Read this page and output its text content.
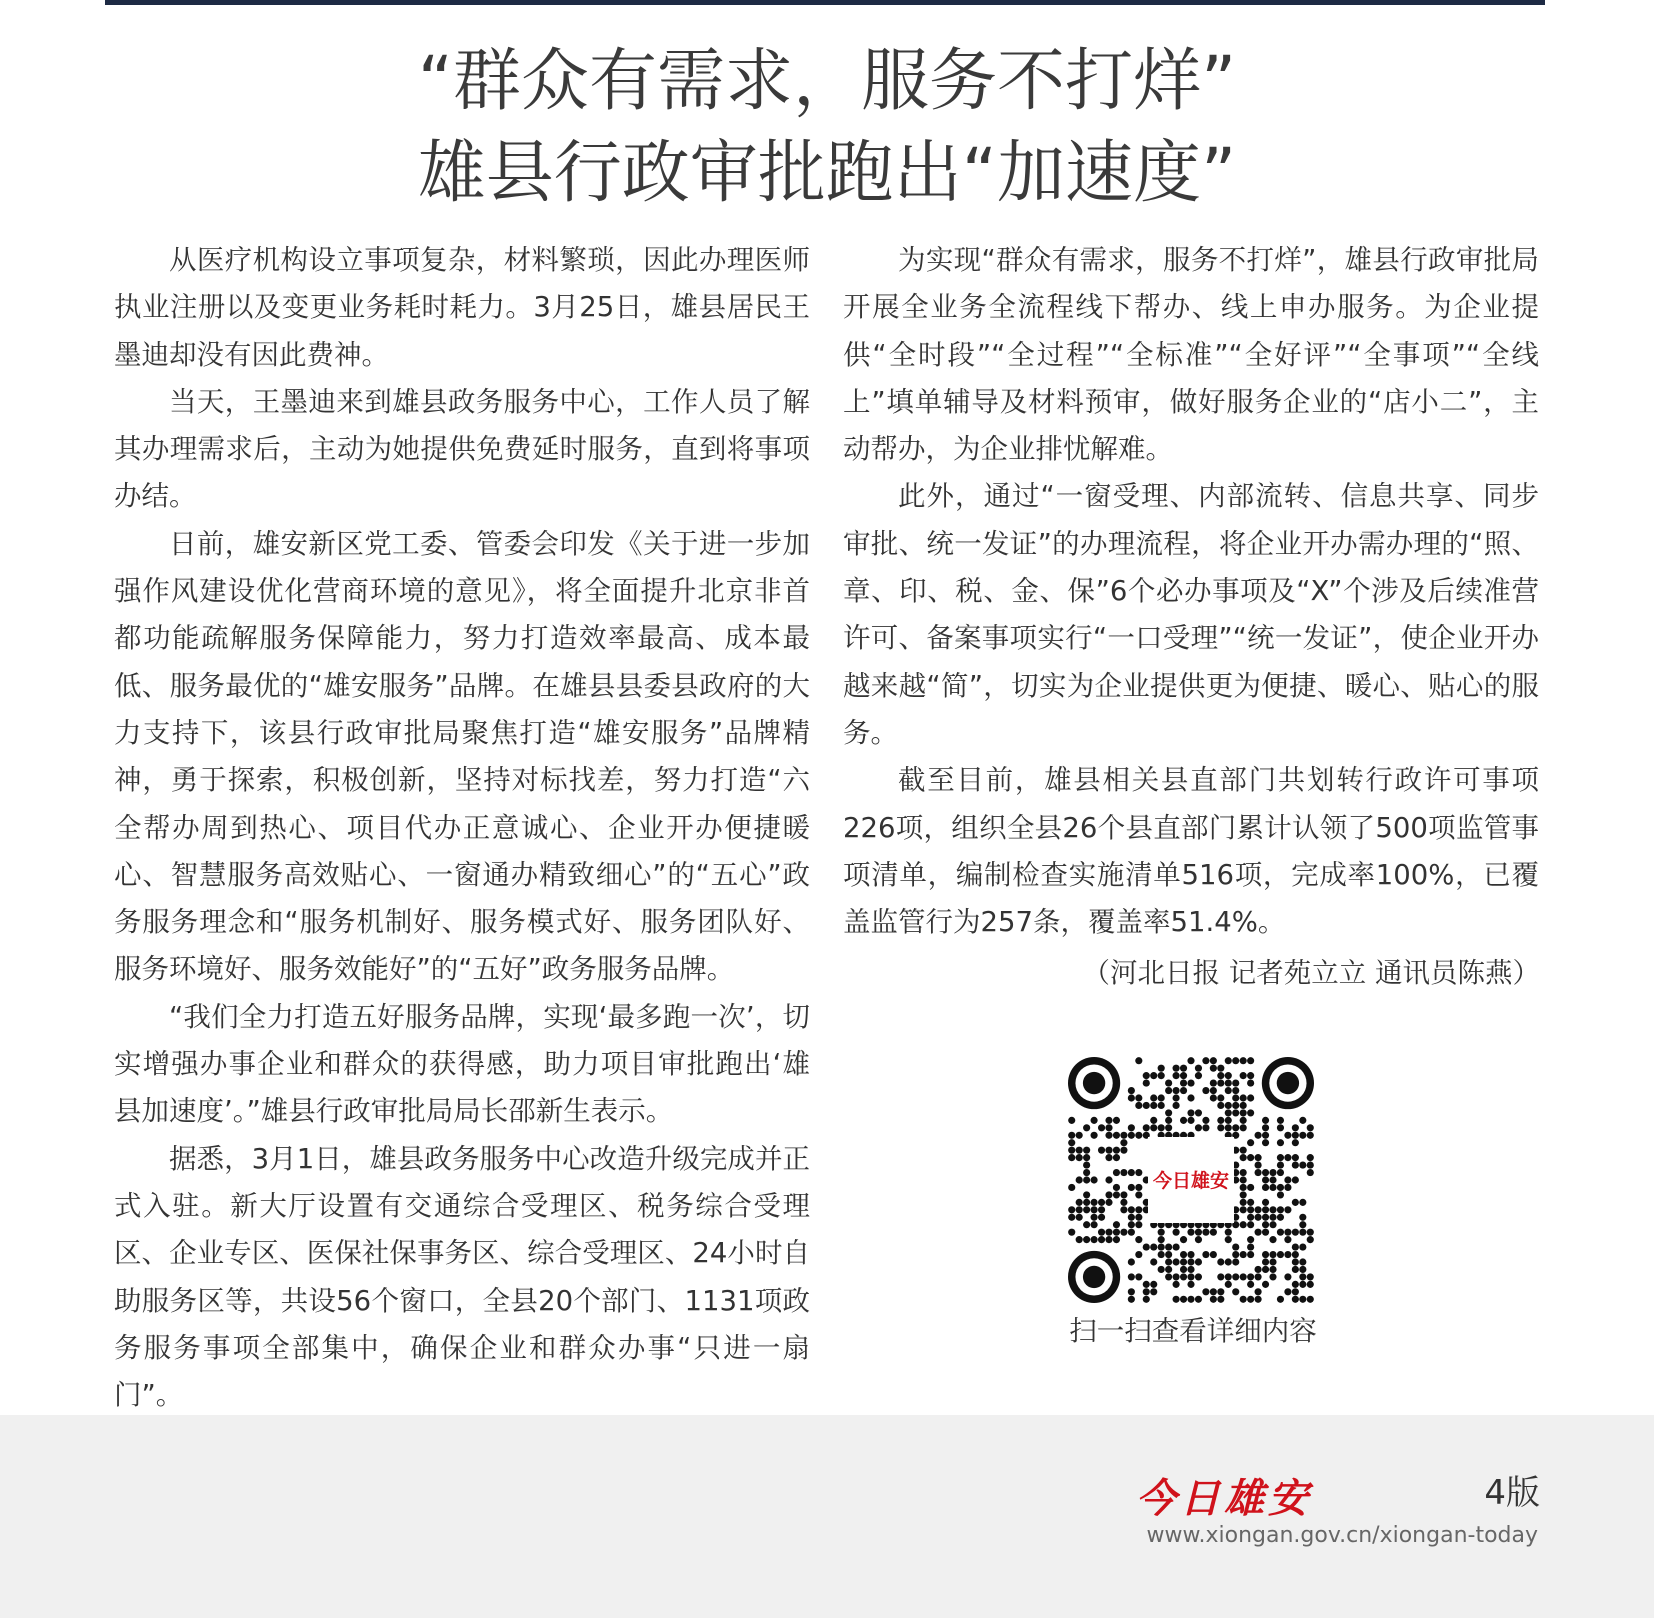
“群众有需求，服务不打烊”
雄县行政审批跑出“加速度”

从医疗机构设立事项复杂，材料繁琐，因此办理医师执业注册以及变更业务耗时耗力。3月25日，雄县居民王墨迪却没有因此费神。

当天，王墨迪来到雄县政务服务中心，工作人员了解其办理需求后，主动为她提供免费延时服务，直到将事项办结。

日前，雄安新区党工委、管委会印发《关于进一步加强作风建设优化营商环境的意见》，将全面提升北京非首都功能疏解服务保障能力，努力打造效率最高、成本最低、服务最优的“雄安服务”品牌。在雄县县委县政府的大力支持下，该县行政审批局聚焦打造“雄安服务”品牌精神，勇于探索，积极创新，坚持对标找差，努力打造“六全帮办周到热心、项目代办正意诚心、企业开办便捷暖心、智慧服务高效贴心、一窗通办精致细心”的“五心”政务服务理念和“服务机制好、服务模式好、服务团队好、服务环境好、服务效能好”的“五好”政务服务品牌。

“我们全力打造五好服务品牌，实现‘最多跑一次’，切实增强办事企业和群众的获得感，助力项目审批跑出‘雄县加速度’。”雄县行政审批局局长邵新生表示。

据悉，3月1日，雄县政务服务中心改造升级完成并正式入驻。新大厅设置有交通综合受理区、税务综合受理区、企业专区、医保社保事务区、综合受理区、24小时自助服务区等，共设56个窗口，全县20个部门、1131项政务服务事项全部集中，确保企业和群众办事“只进一扇门”。

为实现“群众有需求，服务不打烊”，雄县行政审批局开展全业务全流程线下帮办、线上申办服务。为企业提供“全时段”“全过程”“全标准”“全好评”“全事项”“全线上”填单辅导及材料预审，做好服务企业的“店小二”，主动帮办，为企业排忧解难。

此外，通过“一窗受理、内部流转、信息共享、同步审批、统一发证”的办理流程，将企业开办需办理的“照、章、印、税、金、保”6个必办事项及“X”个涉及后续准营许可、备案事项实行“一口受理”“统一发证”，使企业开办越来越“简”，切实为企业提供更为便捷、暖心、贴心的服务。

截至目前，雄县相关县直部门共划转行政许可事项226项，组织全县26个县直部门累计认领了500项监管事项清单，编制检查实施清单516项，完成率100%，已覆盖监管行为257条，覆盖率51.4%。

（河北日报 记者苑立立 通讯员陈燕）
今日雄安
扫一扫查看详细内容
今日雄安	4版
www.xiongan.gov.cn/xiongan-today
